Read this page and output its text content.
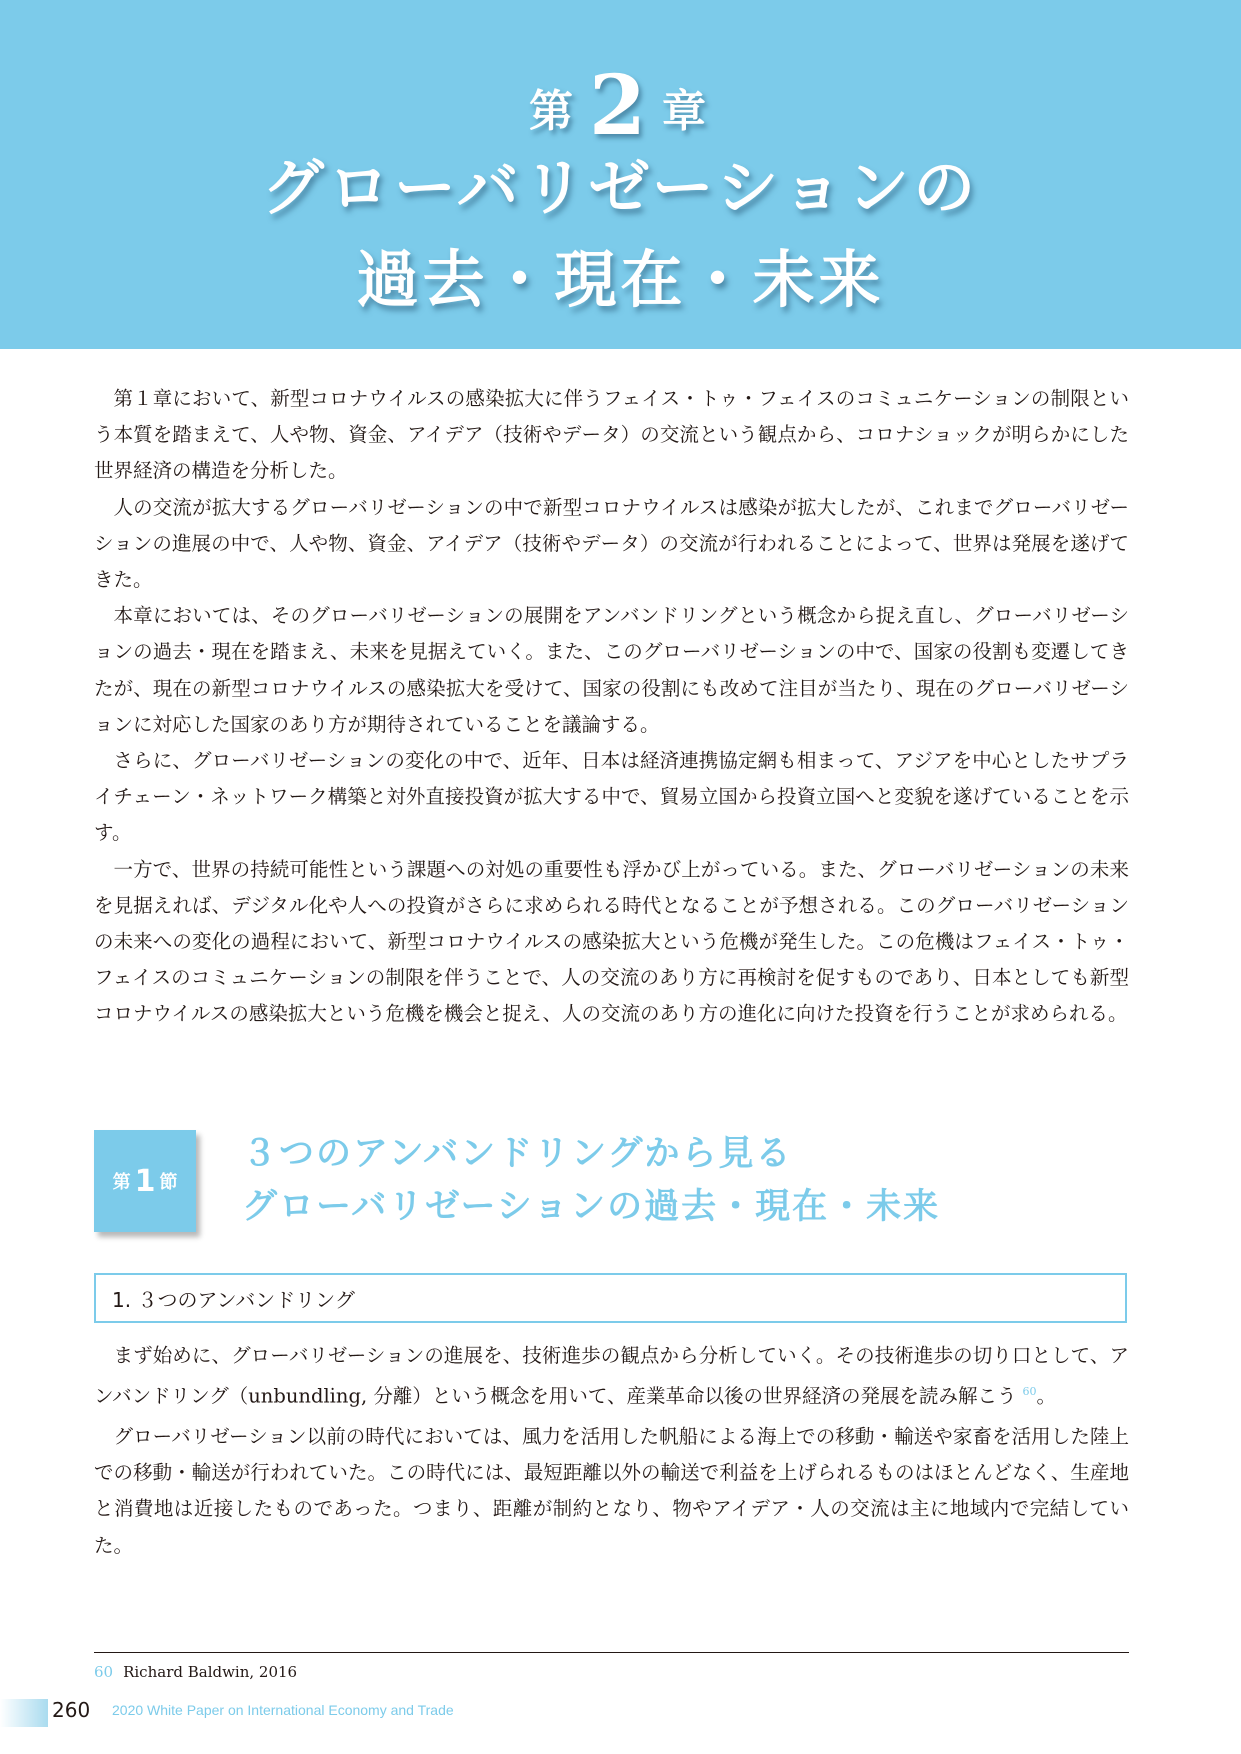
第 2 章
グローバリゼーションの
過去・現在・未来

第１章において、新型コロナウイルスの感染拡大に伴うフェイス・トゥ・フェイスのコミュニケーションの制限という本質を踏まえて、人や物、資金、アイデア（技術やデータ）の交流という観点から、コロナショックが明らかにした世界経済の構造を分析した。

人の交流が拡大するグローバリゼーションの中で新型コロナウイルスは感染が拡大したが、これまでグローバリゼーションの進展の中で、人や物、資金、アイデア（技術やデータ）の交流が行われることによって、世界は発展を遂げてきた。

本章においては、そのグローバリゼーションの展開をアンバンドリングという概念から捉え直し、グローバリゼーションの過去・現在を踏まえ、未来を見据えていく。また、このグローバリゼーションの中で、国家の役割も変遷してきたが、現在の新型コロナウイルスの感染拡大を受けて、国家の役割にも改めて注目が当たり、現在のグローバリゼーションに対応した国家のあり方が期待されていることを議論する。

さらに、グローバリゼーションの変化の中で、近年、日本は経済連携協定網も相まって、アジアを中心としたサプライチェーン・ネットワーク構築と対外直接投資が拡大する中で、貿易立国から投資立国へと変貌を遂げていることを示す。

一方で、世界の持続可能性という課題への対処の重要性も浮かび上がっている。また、グローバリゼーションの未来を見据えれば、デジタル化や人への投資がさらに求められる時代となることが予想される。このグローバリゼーションの未来への変化の過程において、新型コロナウイルスの感染拡大という危機が発生した。この危機はフェイス・トゥ・フェイスのコミュニケーションの制限を伴うことで、人の交流のあり方に再検討を促すものであり、日本としても新型コロナウイルスの感染拡大という危機を機会と捉え、人の交流のあり方の進化に向けた投資を行うことが求められる。

第 1 節
３つのアンバンドリングから見る
グローバリゼーションの過去・現在・未来
1. ３つのアンバンドリング

まず始めに、グローバリゼーションの進展を、技術進歩の観点から分析していく。その技術進歩の切り口として、アンバンドリング（unbundling, 分離）という概念を用いて、産業革命以後の世界経済の発展を読み解こう $^{60}$。

グローバリゼーション以前の時代においては、風力を活用した帆船による海上での移動・輸送や家畜を活用した陸上での移動・輸送が行われていた。この時代には、最短距離以外の輸送で利益を上げられるものはほとんどなく、生産地と消費地は近接したものであった。つまり、距離が制約となり、物やアイデア・人の交流は主に地域内で完結していた。

60 Richard Baldwin, 2016
260 2020 White Paper on International Economy and Trade
